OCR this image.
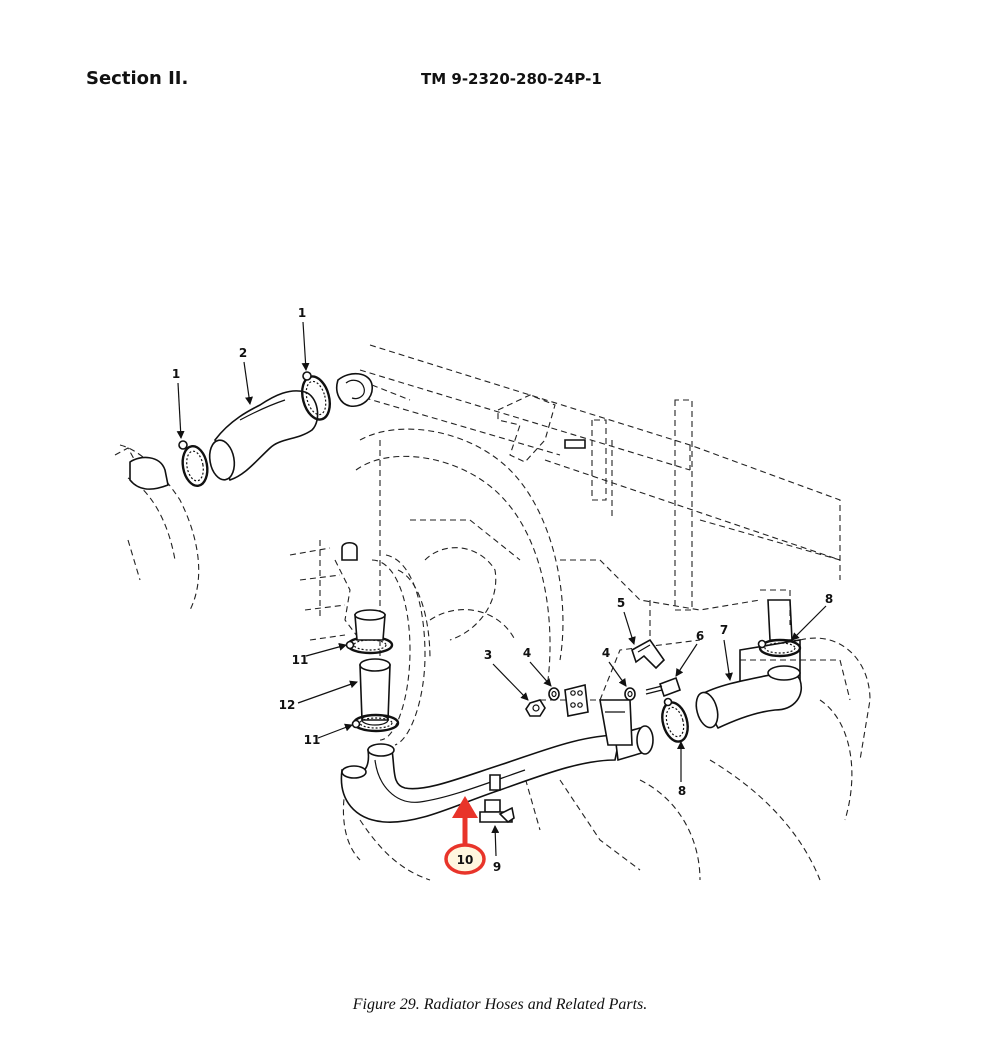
Section II.	TM 9-2320-280-24P-1
1
2
1
3	4	4
5
6 7
8
8
9
10
11
12
11
Figure 29. Radiator Hoses and Related Parts.
